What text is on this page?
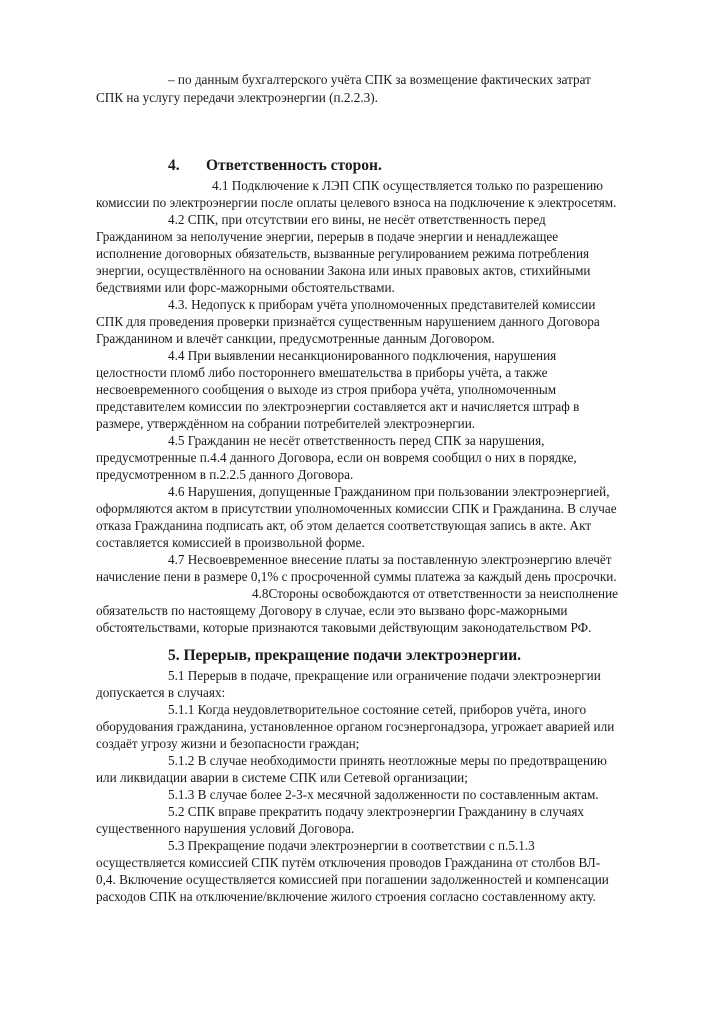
– по данным бухгалтерского учёта СПК за возмещение фактических затрат
СПК на услугу передачи электроэнергии (п.2.2.3).
4. Ответственность сторон.
4.1 Подключение к ЛЭП СПК осуществляется только по разрешению
комиссии по электроэнергии после оплаты целевого взноса на подключение к электросетям.
4.2 СПК, при отсутствии его вины, не несёт ответственность перед
Гражданином за неполучение энергии, перерыв в подаче энергии и ненадлежащее
исполнение договорных обязательств, вызванные регулированием режима потребления
энергии, осуществлённого на основании Закона или иных правовых актов, стихийными
бедствиями или форс-мажорными обстоятельствами.
4.3. Недопуск к приборам учёта уполномоченных представителей комиссии
СПК для проведения проверки признаётся существенным нарушением данного Договора
Гражданином и влечёт санкции, предусмотренные данным Договором.
4.4 При выявлении несанкционированного подключения, нарушения
целостности пломб либо постороннего вмешательства в приборы учёта, а также
несвоевременного сообщения о выходе из строя прибора учёта, уполномоченным
представителем комиссии по электроэнергии составляется акт и начисляется штраф в
размере, утверждённом на собрании потребителей электроэнергии.
4.5 Гражданин не несёт ответственность перед СПК за нарушения,
предусмотренные п.4.4 данного Договора, если он вовремя сообщил о них в порядке,
предусмотренном в п.2.2.5 данного Договора.
4.6 Нарушения, допущенные Гражданином при пользовании электроэнергией,
оформляются актом в присутствии уполномоченных комиссии СПК и Гражданина. В случае
отказа Гражданина подписать акт, об этом делается соответствующая запись в акте. Акт
составляется комиссией в произвольной форме.
4.7 Несвоевременное внесение платы за поставленную электроэнергию влечёт
начисление пени в размере 0,1% с просроченной суммы платежа за каждый день просрочки.
4.8Стороны освобождаются от ответственности за неисполнение
обязательств по настоящему Договору в случае, если это вызвано форс-мажорными
обстоятельствами, которые признаются таковыми действующим законодательством РФ.
5. Перерыв, прекращение подачи электроэнергии.
5.1 Перерыв в подаче, прекращение или ограничение подачи электроэнергии
допускается в случаях:
5.1.1 Когда неудовлетворительное состояние сетей, приборов учёта, иного
оборудования гражданина, установленное органом госэнергонадзора, угрожает аварией или
создаёт угрозу жизни и безопасности граждан;
5.1.2 В случае необходимости принять неотложные меры по предотвращению
или ликвидации аварии в системе СПК или Сетевой организации;
5.1.3 В случае более 2-3-х месячной задолженности по составленным актам.
5.2 СПК вправе прекратить подачу электроэнергии Гражданину в случаях
существенного нарушения условий Договора.
5.3 Прекращение подачи электроэнергии в соответствии с п.5.1.3
осуществляется комиссией СПК путём отключения проводов Гражданина от столбов ВЛ-
0,4. Включение осуществляется комиссией при погашении задолженностей и компенсации
расходов СПК на отключение/включение жилого строения согласно составленному акту.
